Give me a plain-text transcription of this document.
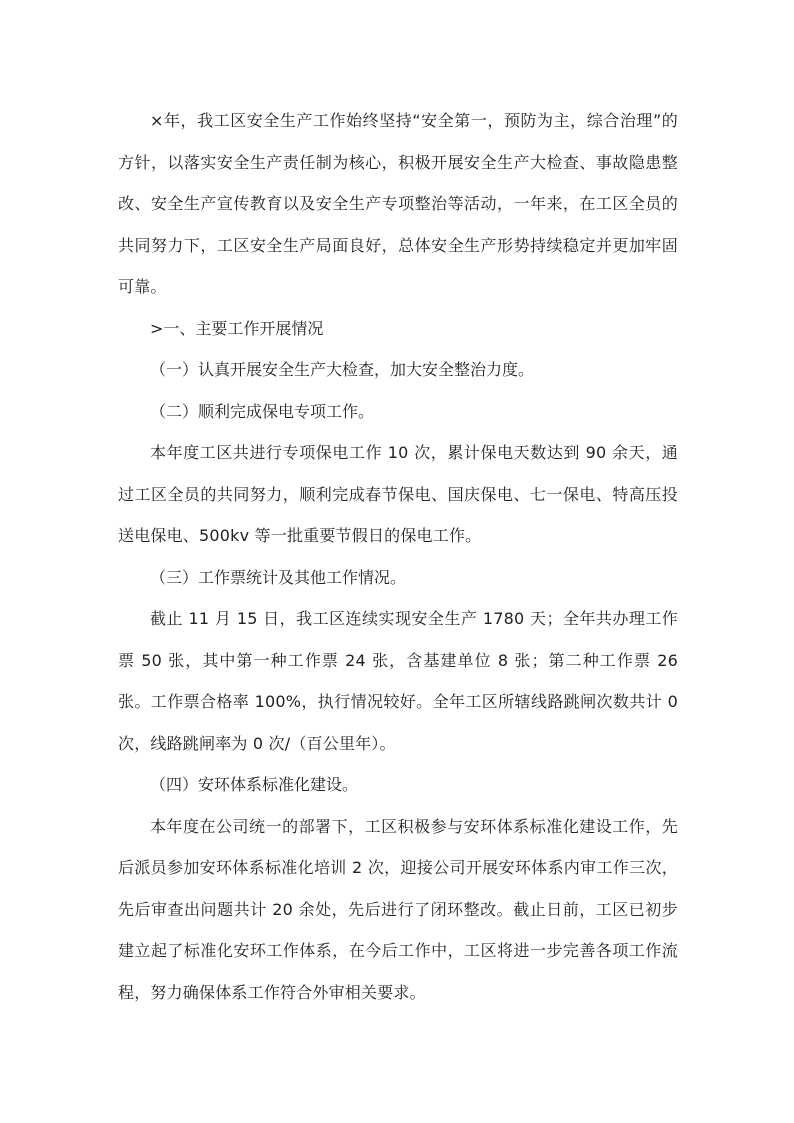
×年，我工区安全生产工作始终坚持“安全第一，预防为主，综合治理”的方针，以落实安全生产责任制为核心，积极开展安全生产大检查、事故隐患整改、安全生产宣传教育以及安全生产专项整治等活动，一年来，在工区全员的共同努力下，工区安全生产局面良好，总体安全生产形势持续稳定并更加牢固可靠。

>一、主要工作开展情况

（一）认真开展安全生产大检查，加大安全整治力度。

（二）顺利完成保电专项工作。

本年度工区共进行专项保电工作 10 次，累计保电天数达到 90 余天，通过工区全员的共同努力，顺利完成春节保电、国庆保电、七一保电、特高压投送电保电、500kv 等一批重要节假日的保电工作。

（三）工作票统计及其他工作情况。

截止 11 月 15 日，我工区连续实现安全生产 1780 天；全年共办理工作票 50 张，其中第一种工作票 24 张，含基建单位 8 张；第二种工作票 26 张。工作票合格率 100%，执行情况较好。全年工区所辖线路跳闸次数共计 0 次，线路跳闸率为 0 次/（百公里年）。

（四）安环体系标准化建设。

本年度在公司统一的部署下，工区积极参与安环体系标准化建设工作，先后派员参加安环体系标准化培训 2 次，迎接公司开展安环体系内审工作三次，先后审查出问题共计 20 余处，先后进行了闭环整改。截止日前，工区已初步建立起了标准化安环工作体系，在今后工作中，工区将进一步完善各项工作流程，努力确保体系工作符合外审相关要求。
